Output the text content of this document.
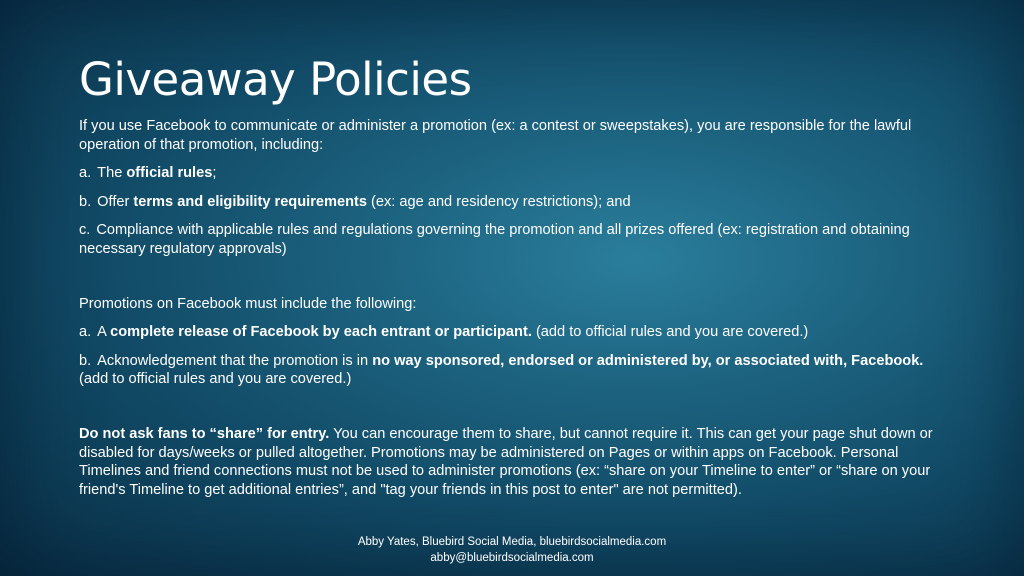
Giveaway Policies

If you use Facebook to communicate or administer a promotion (ex: a contest or sweepstakes), you are responsible for the lawful operation of that promotion, including:

a. The official rules;

b. Offer terms and eligibility requirements (ex: age and residency restrictions); and

c. Compliance with applicable rules and regulations governing the promotion and all prizes offered (ex: registration and obtaining necessary regulatory approvals)

Promotions on Facebook must include the following:

a. A complete release of Facebook by each entrant or participant. (add to official rules and you are covered.)

b. Acknowledgement that the promotion is in no way sponsored, endorsed or administered by, or associated with, Facebook. (add to official rules and you are covered.)

Do not ask fans to “share” for entry. You can encourage them to share, but cannot require it. This can get your page shut down or disabled for days/weeks or pulled altogether. Promotions may be administered on Pages or within apps on Facebook. Personal Timelines and friend connections must not be used to administer promotions (ex: “share on your Timeline to enter” or “share on your friend's Timeline to get additional entries”, and "tag your friends in this post to enter" are not permitted).

Abby Yates, Bluebird Social Media, bluebirdsocialmedia.com
abby@bluebirdsocialmedia.com
